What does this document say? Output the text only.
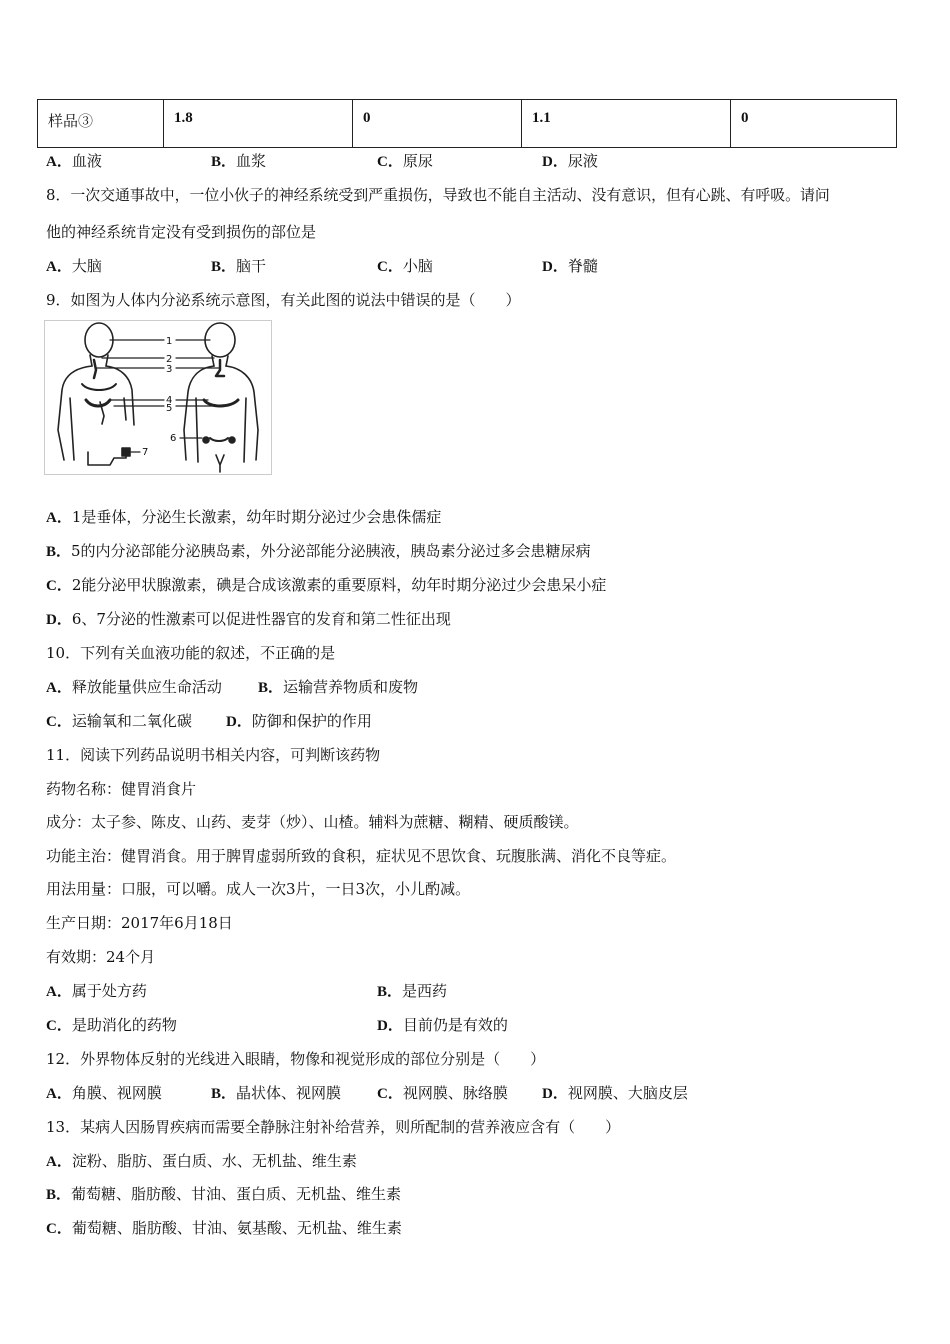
样品③	1.8	0	1.1	0
A．血液	B．血浆	C．原尿	D．尿液
8．一次交通事故中，一位小伙子的神经系统受到严重损伤，导致也不能自主活动、没有意识，但有心跳、有呼吸。请问
他的神经系统肯定没有受到损伤的部位是
A．大脑	B．脑干	C．小脑	D．脊髓
9．如图为人体内分泌系统示意图，有关此图的说法中错误的是（　　）
1
2
3
4
5
6
7
A．1是垂体，分泌生长激素，幼年时期分泌过少会患侏儒症
B．5的内分泌部能分泌胰岛素，外分泌部能分泌胰液，胰岛素分泌过多会患糖尿病
C．2能分泌甲状腺激素，碘是合成该激素的重要原料，幼年时期分泌过少会患呆小症
D．6、7分泌的性激素可以促进性器官的发育和第二性征出现
10．下列有关血液功能的叙述，不正确的是
A．释放能量供应生命活动 B．运输营养物质和废物
C．运输氧和二氧化碳 D．防御和保护的作用
11．阅读下列药品说明书相关内容，可判断该药物
药物名称：健胃消食片
成分：太子参、陈皮、山药、麦芽（炒）、山楂。辅料为蔗糖、糊精、硬质酸镁。
功能主治：健胃消食。用于脾胃虚弱所致的食积，症状见不思饮食、玩腹胀满、消化不良等症。
用法用量：口服，可以嚼。成人一次3片，一日3次，小儿酌减。
生产日期：2017年6月18日
有效期：24个月
A．属于处方药	B．是西药
C．是助消化的药物	D．目前仍是有效的
12．外界物体反射的光线进入眼睛，物像和视觉形成的部位分别是（　　）
A．角膜、视网膜	B．晶状体、视网膜 C．视网膜、脉络膜 D．视网膜、大脑皮层
13．某病人因肠胃疾病而需要全静脉注射补给营养，则所配制的营养液应含有（　　）
A．淀粉、脂肪、蛋白质、水、无机盐、维生素
B．葡萄糖、脂肪酸、甘油、蛋白质、无机盐、维生素
C．葡萄糖、脂肪酸、甘油、氨基酸、无机盐、维生素
